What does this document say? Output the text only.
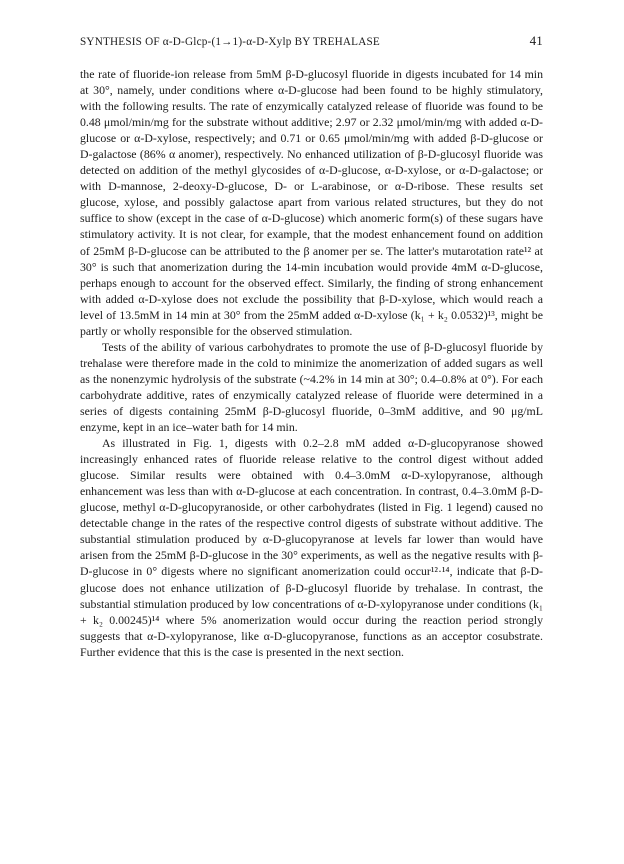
SYNTHESIS OF α-D-Glcp-(1→1)-α-D-Xylp BY TREHALASE	41

the rate of fluoride-ion release from 5mM β-D-glucosyl fluoride in digests incubated for 14 min at 30°, namely, under conditions where α-D-glucose had been found to be highly stimulatory, with the following results. The rate of enzymically catalyzed release of fluoride was found to be 0.48 μmol/min/mg for the substrate without additive; 2.97 or 2.32 μmol/min/mg with added α-D-glucose or α-D-xylose, respectively; and 0.71 or 0.65 μmol/min/mg with added β-D-glucose or D-galactose (86% α anomer), respectively. No enhanced utilization of β-D-glucosyl fluoride was detected on addition of the methyl glycosides of α-D-glucose, α-D-xylose, or α-D-galactose; or with D-mannose, 2-deoxy-D-glucose, D- or L-arabinose, or α-D-ribose. These results set glucose, xylose, and possibly galactose apart from various related structures, but they do not suffice to show (except in the case of α-D-glucose) which anomeric form(s) of these sugars have stimulatory activity. It is not clear, for example, that the modest enhancement found on addition of 25mM β-D-glucose can be attributed to the β anomer per se. The latter's mutarotation rate¹² at 30° is such that anomerization during the 14-min incubation would provide 4mM α-D-glucose, perhaps enough to account for the observed effect. Similarly, the finding of strong enhancement with added α-D-xylose does not exclude the possibility that β-D-xylose, which would reach a level of 13.5mM in 14 min at 30° from the 25mM added α-D-xylose (k₁ + k₂ 0.0532)¹³, might be partly or wholly responsible for the observed stimulation.

Tests of the ability of various carbohydrates to promote the use of β-D-glucosyl fluoride by trehalase were therefore made in the cold to minimize the anomerization of added sugars as well as the nonenzymic hydrolysis of the substrate (~4.2% in 14 min at 30°; 0.4–0.8% at 0°). For each carbohydrate additive, rates of enzymically catalyzed release of fluoride were determined in a series of digests containing 25mM β-D-glucosyl fluoride, 0–3mM additive, and 90 μg/mL enzyme, kept in an ice–water bath for 14 min.

As illustrated in Fig. 1, digests with 0.2–2.8 mM added α-D-glucopyranose showed increasingly enhanced rates of fluoride release relative to the control digest without added glucose. Similar results were obtained with 0.4–3.0mM α-D-xylopyranose, although enhancement was less than with α-D-glucose at each concentration. In contrast, 0.4–3.0mM β-D-glucose, methyl α-D-glucopyranoside, or other carbohydrates (listed in Fig. 1 legend) caused no detectable change in the rates of the respective control digests of substrate without additive. The substantial stimulation produced by α-D-glucopyranose at levels far lower than would have arisen from the 25mM β-D-glucose in the 30° experiments, as well as the negative results with β-D-glucose in 0° digests where no significant anomerization could occur¹²·¹⁴, indicate that β-D-glucose does not enhance utilization of β-D-glucosyl fluoride by trehalase. In contrast, the substantial stimulation produced by low concentrations of α-D-xylopyranose under conditions (k₁ + k₂ 0.00245)¹⁴ where 5% anomerization would occur during the reaction period strongly suggests that α-D-xylopyranose, like α-D-glucopyranose, functions as an acceptor cosubstrate. Further evidence that this is the case is presented in the next section.
